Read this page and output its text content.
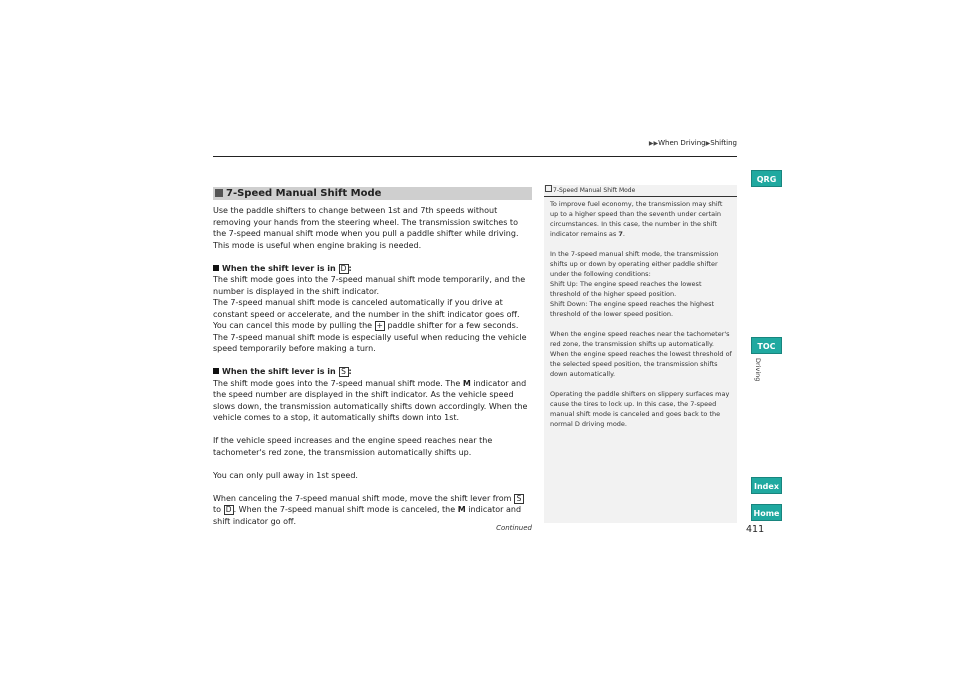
▶▶When Driving▶Shifting
7-Speed Manual Shift Mode

Use the paddle shifters to change between 1st and 7th speeds without removing your hands from the steering wheel. The transmission switches to the 7-speed manual shift mode when you pull a paddle shifter while driving. This mode is useful when engine braking is needed.

When the shift lever is in D :

The shift mode goes into the 7-speed manual shift mode temporarily, and the number is displayed in the shift indicator.

The 7-speed manual shift mode is canceled automatically if you drive at constant speed or accelerate, and the number in the shift indicator goes off.

You can cancel this mode by pulling the + paddle shifter for a few seconds.

The 7-speed manual shift mode is especially useful when reducing the vehicle speed temporarily before making a turn.

When the shift lever is in S :

The shift mode goes into the 7-speed manual shift mode. The M indicator and the speed number are displayed in the shift indicator. As the vehicle speed slows down, the transmission automatically shifts down accordingly. When the vehicle comes to a stop, it automatically shifts down into 1st.

If the vehicle speed increases and the engine speed reaches near the tachometer's red zone, the transmission automatically shifts up.

You can only pull away in 1st speed.

When canceling the 7-speed manual shift mode, move the shift lever from S to D . When the 7-speed manual shift mode is canceled, the M indicator and shift indicator go off.

Continued
7-Speed Manual Shift Mode

To improve fuel economy, the transmission may shift up to a higher speed than the seventh under certain circumstances. In this case, the number in the shift indicator remains as 7.

In the 7-speed manual shift mode, the transmission shifts up or down by operating either paddle shifter under the following conditions:

Shift Up: The engine speed reaches the lowest threshold of the higher speed position.

Shift Down: The engine speed reaches the highest threshold of the lower speed position.

When the engine speed reaches near the tachometer's red zone, the transmission shifts up automatically.

When the engine speed reaches the lowest threshold of the selected speed position, the transmission shifts down automatically.

Operating the paddle shifters on slippery surfaces may cause the tires to lock up. In this case, the 7-speed manual shift mode is canceled and goes back to the normal D driving mode.

QRG
TOC
Driving
Index
Home
411
